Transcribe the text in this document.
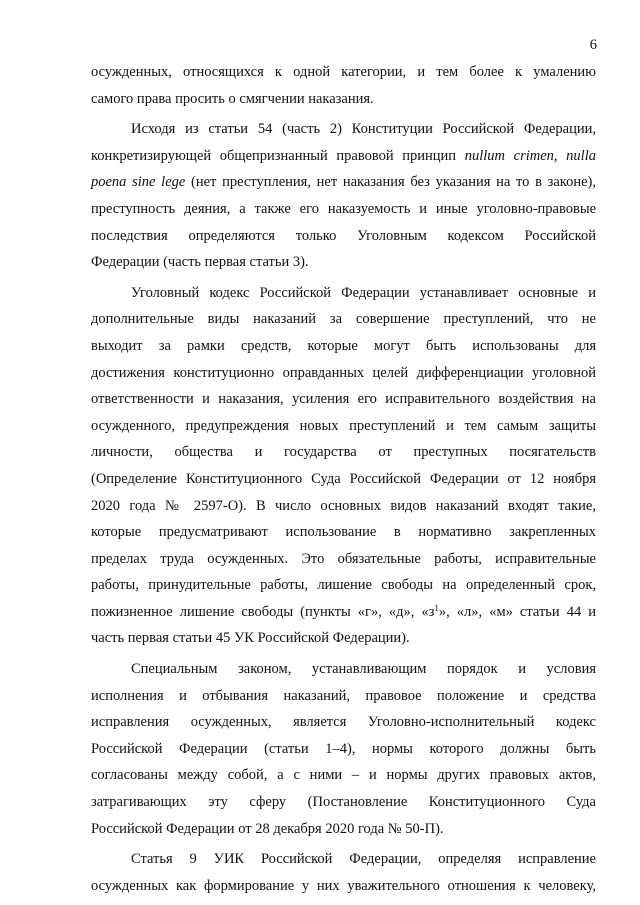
6
осужденных, относящихся к одной категории, и тем более к умалению
самого права просить о смягчении наказания.
Исходя из статьи 54 (часть 2) Конституции Российской Федерации,
конкретизирующей общепризнанный правовой принцип nullum crimen, nulla
poena sine lege (нет преступления, нет наказания без указания на то в законе),
преступность деяния, а также его наказуемость и иные уголовно-правовые
последствия определяются только Уголовным кодексом Российской
Федерации (часть первая статьи 3).
Уголовный кодекс Российской Федерации устанавливает основные и
дополнительные виды наказаний за совершение преступлений, что не
выходит за рамки средств, которые могут быть использованы для
достижения конституционно оправданных целей дифференциации уголовной
ответственности и наказания, усиления его исправительного воздействия на
осужденного, предупреждения новых преступлений и тем самым защиты
личности, общества и государства от преступных посягательств
(Определение Конституционного Суда Российской Федерации от 12 ноября
2020 года № 2597-О). В число основных видов наказаний входят такие,
которые предусматривают использование в нормативно закрепленных
пределах труда осужденных. Это обязательные работы, исправительные
работы, принудительные работы, лишение свободы на определенный срок,
пожизненное лишение свободы (пункты «г», «д», «$з^1$», «л», «м» статьи 44 и
часть первая статьи 45 УК Российской Федерации).
Специальным законом, устанавливающим порядок и условия
исполнения и отбывания наказаний, правовое положение и средства
исправления осужденных, является Уголовно-исполнительный кодекс
Российской Федерации (статьи 1–4), нормы которого должны быть
согласованы между собой, а с ними – и нормы других правовых актов,
затрагивающих эту сферу (Постановление Конституционного Суда
Российской Федерации от 28 декабря 2020 года № 50-П).
Статья 9 УИК Российской Федерации, определяя исправление
осужденных как формирование у них уважительного отношения к человеку,
